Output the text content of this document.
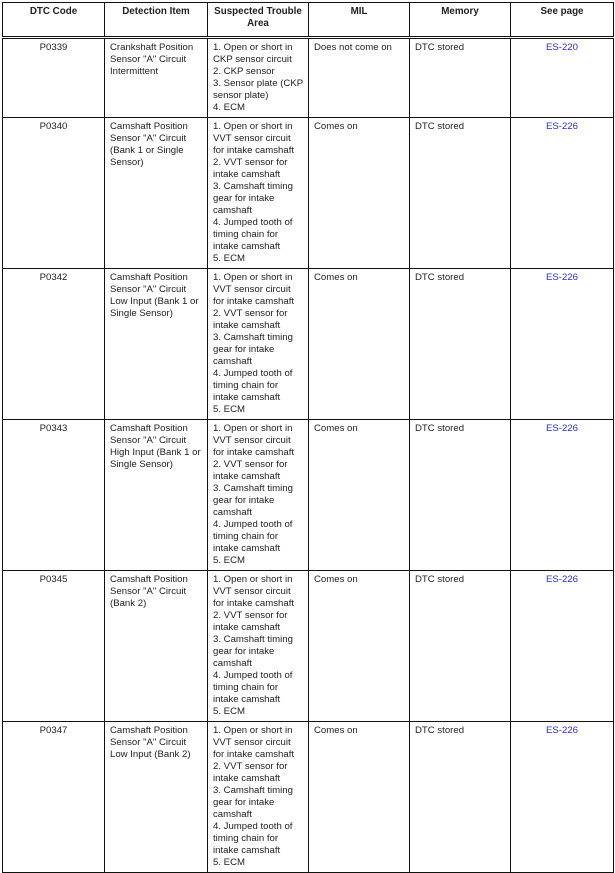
DTC Code	Detection Item	Suspected Trouble Area	MIL	Memory	See page
P0339	Crankshaft Position Sensor "A" Circuit Intermittent	1. Open or short in CKP sensor circuit
2. CKP sensor
3. Sensor plate (CKP sensor plate)
4. ECM	Does not come on	DTC stored	ES-220
P0340	Camshaft Position Sensor "A" Circuit (Bank 1 or Single Sensor)	1. Open or short in VVT sensor circuit for intake camshaft
2. VVT sensor for intake camshaft
3. Camshaft timing gear for intake camshaft
4. Jumped tooth of timing chain for intake camshaft
5. ECM	Comes on	DTC stored	ES-226
P0342	Camshaft Position Sensor "A" Circuit Low Input (Bank 1 or Single Sensor)	1. Open or short in VVT sensor circuit for intake camshaft
2. VVT sensor for intake camshaft
3. Camshaft timing gear for intake camshaft
4. Jumped tooth of timing chain for intake camshaft
5. ECM	Comes on	DTC stored	ES-226
P0343	Camshaft Position Sensor "A" Circuit High Input (Bank 1 or Single Sensor)	1. Open or short in VVT sensor circuit for intake camshaft
2. VVT sensor for intake camshaft
3. Camshaft timing gear for intake camshaft
4. Jumped tooth of timing chain for intake camshaft
5. ECM	Comes on	DTC stored	ES-226
P0345	Camshaft Position Sensor "A" Circuit (Bank 2)	1. Open or short in VVT sensor circuit for intake camshaft
2. VVT sensor for intake camshaft
3. Camshaft timing gear for intake camshaft
4. Jumped tooth of timing chain for intake camshaft
5. ECM	Comes on	DTC stored	ES-226
P0347	Camshaft Position Sensor "A" Circuit Low Input (Bank 2)	1. Open or short in VVT sensor circuit for intake camshaft
2. VVT sensor for intake camshaft
3. Camshaft timing gear for intake camshaft
4. Jumped tooth of timing chain for intake camshaft
5. ECM	Comes on	DTC stored	ES-226
